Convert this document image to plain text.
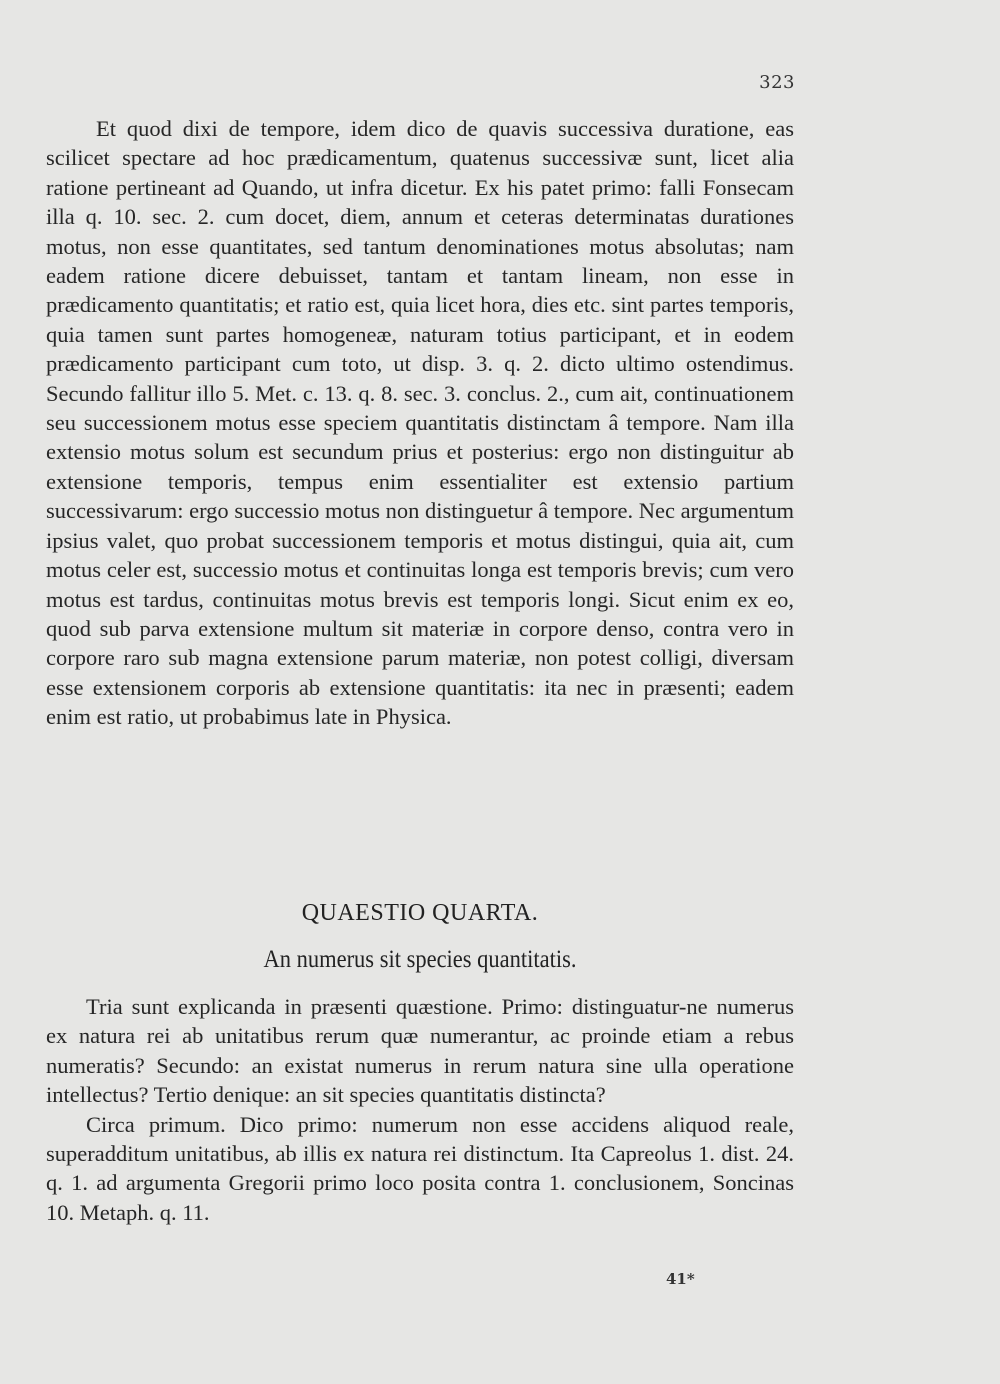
323

Et quod dixi de tempore, idem dico de quavis successiva duratione, eas scilicet spectare ad hoc prædicamentum, quatenus successivæ sunt, licet alia ratione pertineant ad Quando, ut infra dicetur. Ex his patet primo: falli Fonsecam illa q. 10. sec. 2. cum docet, diem, annum et ceteras determinatas durationes motus, non esse quantitates, sed tantum denominationes motus absolutas; nam eadem ratione dicere debuisset, tantam et tantam lineam, non esse in prædicamento quantitatis; et ratio est, quia licet hora, dies etc. sint partes temporis, quia tamen sunt partes homogeneæ, naturam totius participant, et in eodem prædicamento participant cum toto, ut disp. 3. q. 2. dicto ultimo ostendimus. Secundo fallitur illo 5. Met. c. 13. q. 8. sec. 3. conclus. 2., cum ait, continuationem seu successionem motus esse speciem quantitatis distinctam â tempore. Nam illa extensio motus solum est secundum prius et posterius: ergo non distinguitur ab extensione temporis, tempus enim essentialiter est extensio partium successivarum: ergo successio motus non distinguetur â tempore. Nec argumentum ipsius valet, quo probat successionem temporis et motus distingui, quia ait, cum motus celer est, successio motus et continuitas longa est temporis brevis; cum vero motus est tardus, continuitas motus brevis est temporis longi. Sicut enim ex eo, quod sub parva extensione multum sit materiæ in corpore denso, contra vero in corpore raro sub magna extensione parum materiæ, non potest colligi, diversam esse extensionem corporis ab extensione quantitatis: ita nec in præsenti; eadem enim est ratio, ut probabimus late in Physica.

QUAESTIO QUARTA.
An numerus sit species quantitatis.

Tria sunt explicanda in præsenti quæstione. Primo: distinguatur-ne numerus ex natura rei ab unitatibus rerum quæ numerantur, ac proinde etiam a rebus numeratis? Secundo: an existat numerus in rerum natura sine ulla operatione intellectus? Tertio denique: an sit species quantitatis distincta?

Circa primum. Dico primo: numerum non esse accidens aliquod reale, superadditum unitatibus, ab illis ex natura rei distinctum. Ita Capreolus 1. dist. 24. q. 1. ad argumenta Gregorii primo loco posita contra 1. conclusionem, Soncinas 10. Metaph. q. 11.

41*
